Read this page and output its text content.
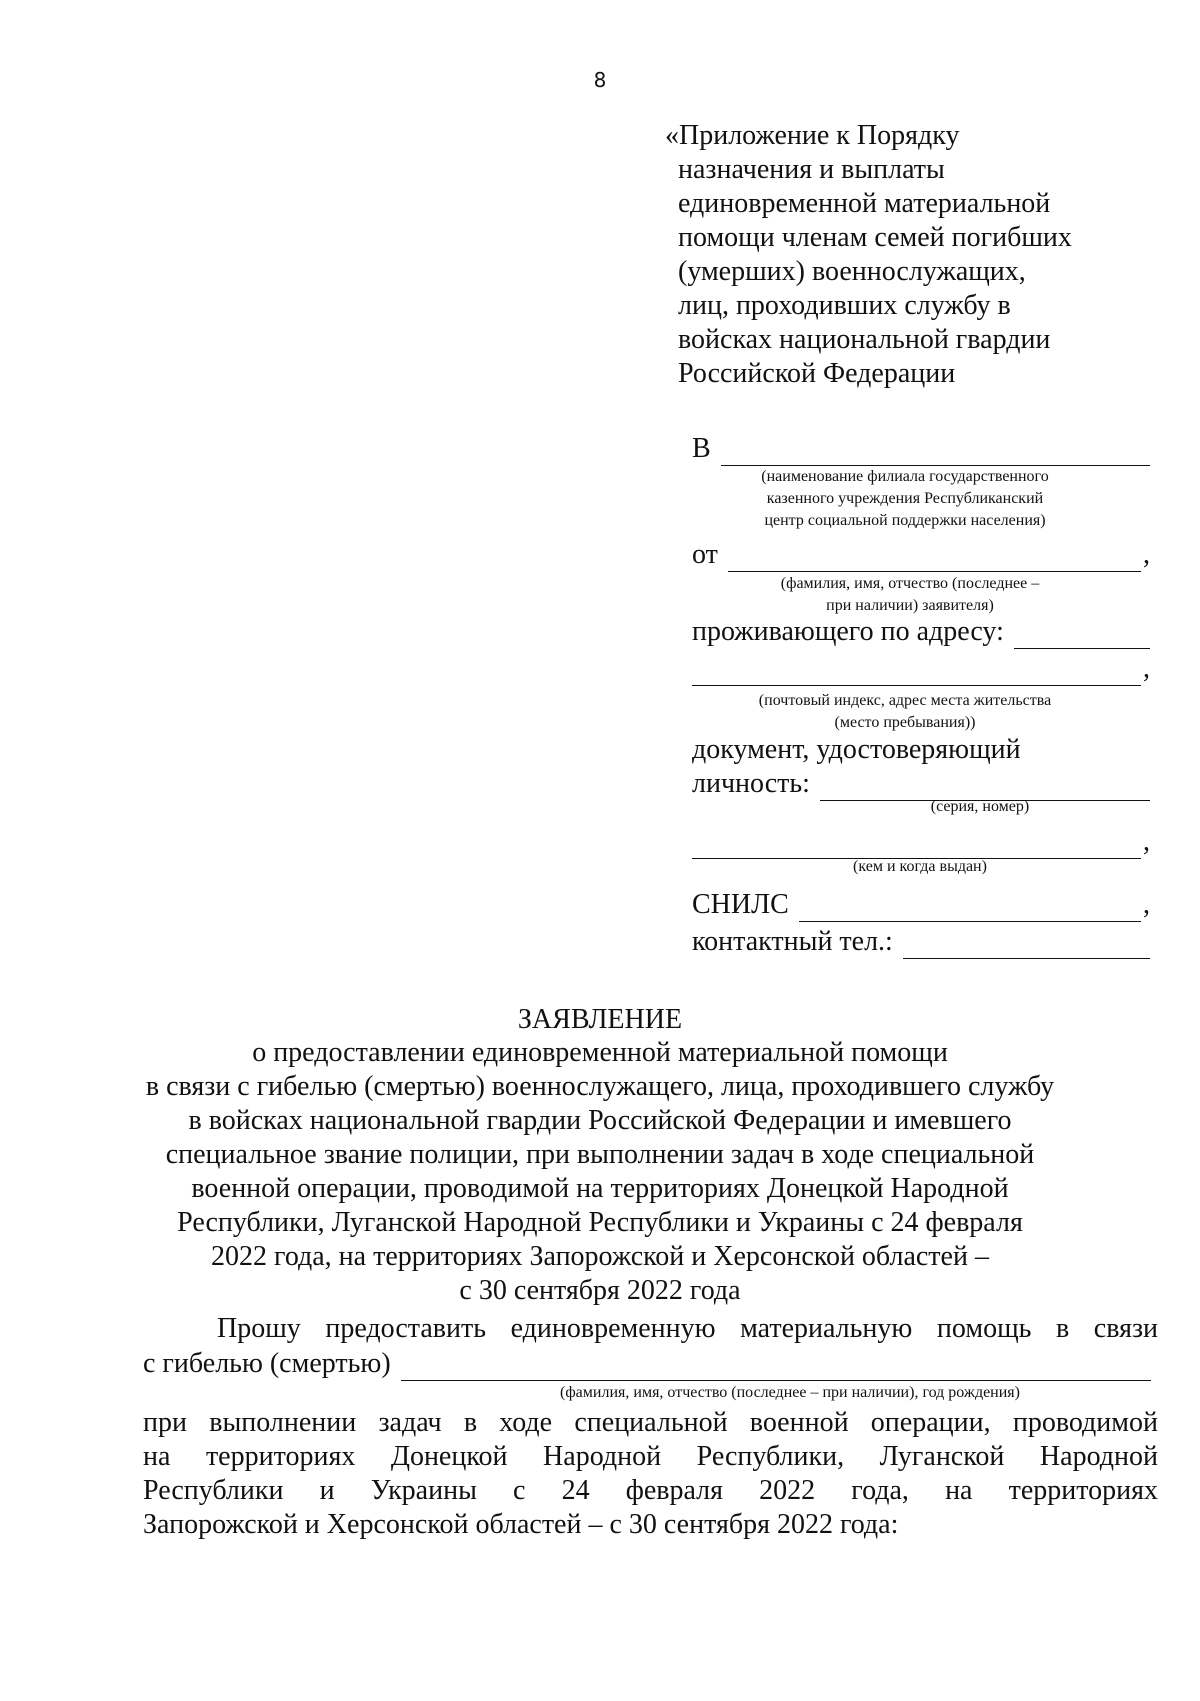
8
«Приложение к Порядку
назначения и выплаты
единовременной материальной
помощи членам семей погибших
(умерших) военнослужащих,
лиц, проходивших службу в
войсках национальной гвардии
Российской Федерации
В
(наименование филиала государственного
казенного учреждения Республиканский
центр социальной поддержки населения)
от	,
(фамилия, имя, отчество (последнее –
при наличии) заявителя)
проживающего по адресу:
,
(почтовый индекс, адрес места жительства
(место пребывания))
документ, удостоверяющий
личность:
(серия, номер)
,
(кем и когда выдан)
СНИЛС	,
контактный тел.:
ЗАЯВЛЕНИЕ
о предоставлении единовременной материальной помощи
в связи с гибелью (смертью) военнослужащего, лица, проходившего службу
в войсках национальной гвардии Российской Федерации и имевшего
специальное звание полиции, при выполнении задач в ходе специальной
военной операции, проводимой на территориях Донецкой Народной
Республики, Луганской Народной Республики и Украины с 24 февраля
2022 года, на территориях Запорожской и Херсонской областей –
с 30 сентября 2022 года
Прошу предоставить единовременную материальную помощь в связи
с гибелью (смертью)
(фамилия, имя, отчество (последнее – при наличии), год рождения)
при выполнении задач в ходе специальной военной операции, проводимой
на территориях Донецкой Народной Республики, Луганской Народной
Республики и Украины с 24 февраля 2022 года, на территориях
Запорожской и Херсонской областей – с 30 сентября 2022 года:
